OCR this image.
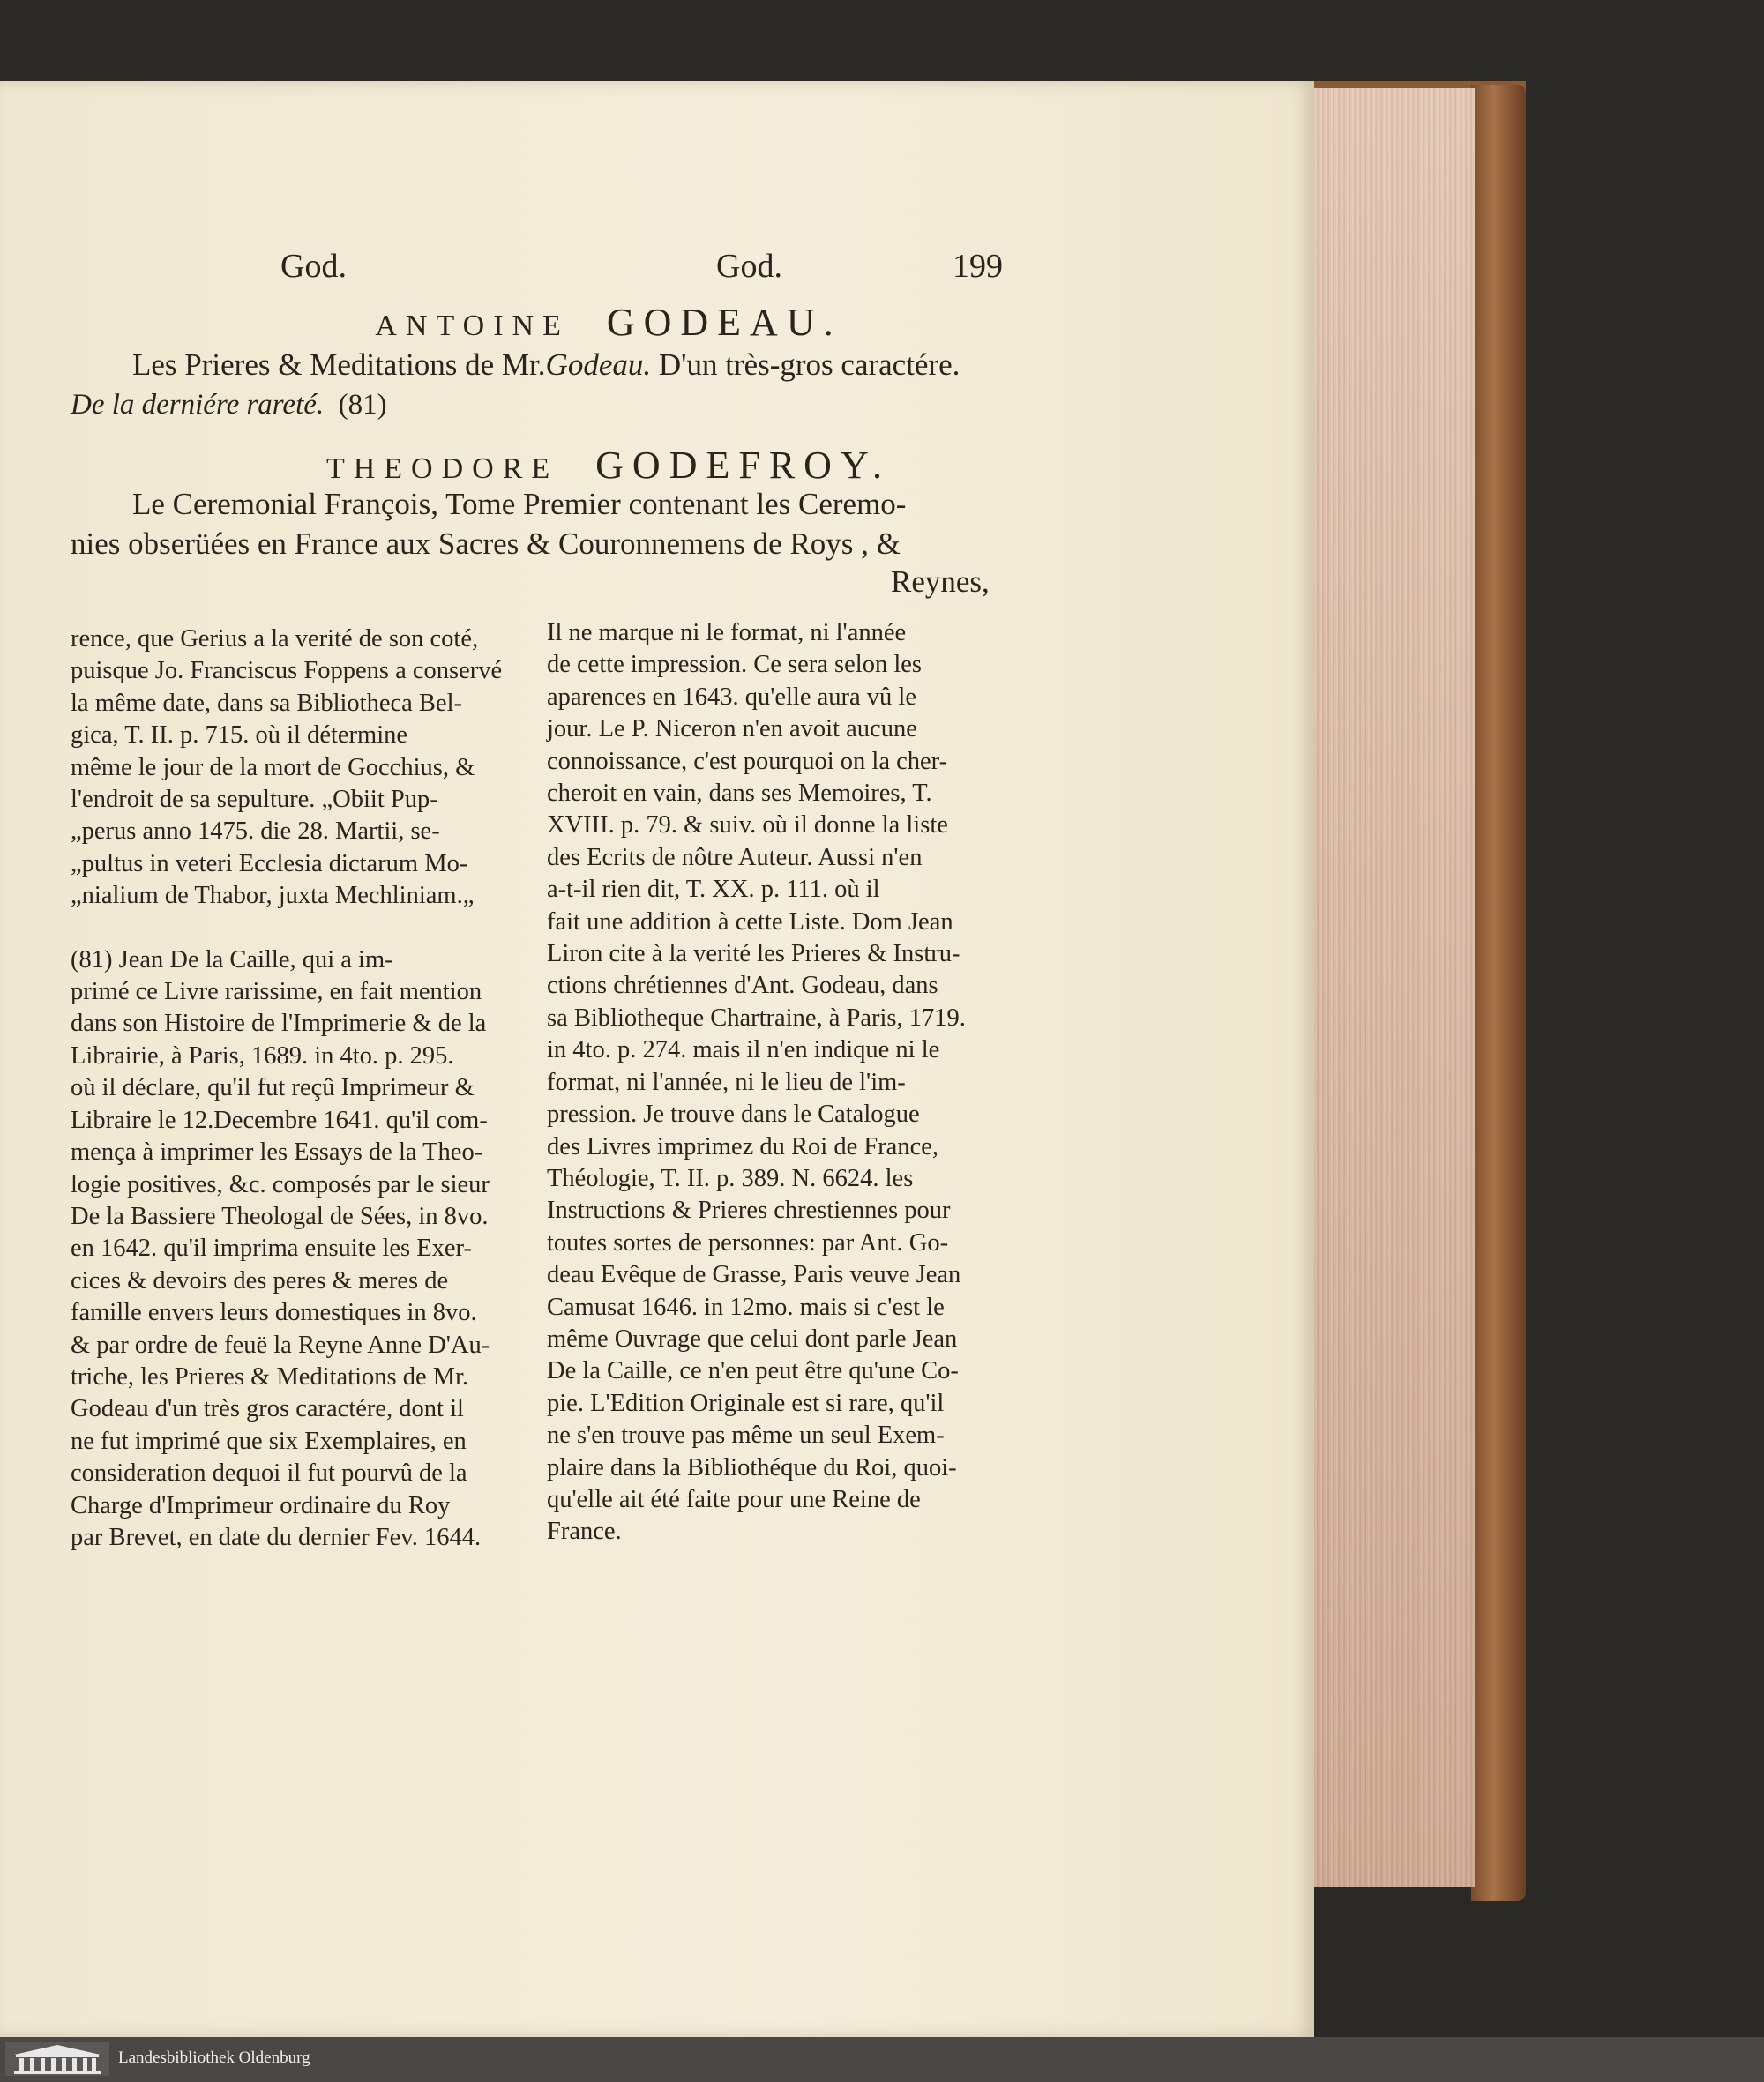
God.	God.	199
ANTOINE GODEAU.
Les Prieres & Meditations de Mr.Godeau. D'un très-gros caractére.
De la derniére rareté. (81)
THEODORE GODEFROY.
Le Ceremonial François, Tome Premier contenant les Ceremo-
nies obserüées en France aux Sacres & Couronnemens de Roys , &
Reynes,

rence, que Gerius a la verité de son coté,

puisque Jo. Franciscus Foppens a conservé

la même date, dans sa Bibliotheca Bel-

gica, T. II. p. 715. où il détermine

même le jour de la mort de Gocchius, &

l'endroit de sa sepulture. „Obiit Pup-

„perus anno 1475. die 28. Martii, se-

„pultus in veteri Ecclesia dictarum Mo-

„nialium de Thabor, juxta Mechliniam.„

(81) Jean De la Caille, qui a im-

primé ce Livre rarissime, en fait mention

dans son Histoire de l'Imprimerie & de la

Librairie, à Paris, 1689. in 4to. p. 295.

où il déclare, qu'il fut reçû Imprimeur &

Libraire le 12.Decembre 1641. qu'il com-

mença à imprimer les Essays de la Theo-

logie positives, &c. composés par le sieur

De la Bassiere Theologal de Sées, in 8vo.

en 1642. qu'il imprima ensuite les Exer-

cices & devoirs des peres & meres de

famille envers leurs domestiques in 8vo.

& par ordre de feuë la Reyne Anne D'Au-

triche, les Prieres & Meditations de Mr.

Godeau d'un très gros caractére, dont il

ne fut imprimé que six Exemplaires, en

consideration dequoi il fut pourvû de la

Charge d'Imprimeur ordinaire du Roy

par Brevet, en date du dernier Fev. 1644.

Il ne marque ni le format, ni l'année

de cette impression. Ce sera selon les

aparences en 1643. qu'elle aura vû le

jour. Le P. Niceron n'en avoit aucune

connoissance, c'est pourquoi on la cher-

cheroit en vain, dans ses Memoires, T.

XVIII. p. 79. & suiv. où il donne la liste

des Ecrits de nôtre Auteur. Aussi n'en

a-t-il rien dit, T. XX. p. 111. où il

fait une addition à cette Liste. Dom Jean

Liron cite à la verité les Prieres & Instru-

ctions chrétiennes d'Ant. Godeau, dans

sa Bibliotheque Chartraine, à Paris, 1719.

in 4to. p. 274. mais il n'en indique ni le

format, ni l'année, ni le lieu de l'im-

pression. Je trouve dans le Catalogue

des Livres imprimez du Roi de France,

Théologie, T. II. p. 389. N. 6624. les

Instructions & Prieres chrestiennes pour

toutes sortes de personnes: par Ant. Go-

deau Evêque de Grasse, Paris veuve Jean

Camusat 1646. in 12mo. mais si c'est le

même Ouvrage que celui dont parle Jean

De la Caille, ce n'en peut être qu'une Co-

pie. L'Edition Originale est si rare, qu'il

ne s'en trouve pas même un seul Exem-

plaire dans la Bibliothéque du Roi, quoi-

qu'elle ait été faite pour une Reine de

France.

Landesbibliothek Oldenburg
